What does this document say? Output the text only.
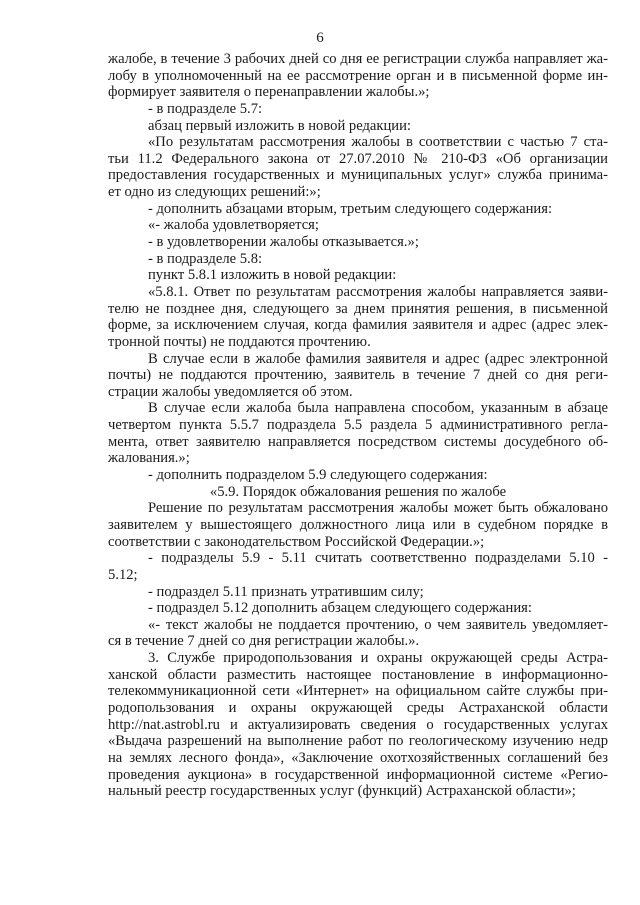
6
жалобе, в течение 3 рабочих дней со дня ее регистрации служба направляет жа-
лобу в уполномоченный на ее рассмотрение орган и в письменной форме ин-
формирует заявителя о перенаправлении жалобы.»;
- в подразделе 5.7:
абзац первый изложить в новой редакции:
«По результатам рассмотрения жалобы в соответствии с частью 7 ста-
тьи 11.2 Федерального закона от 27.07.2010 № 210-ФЗ «Об организации
предоставления государственных и муниципальных услуг» служба принима-
ет одно из следующих решений:»;
- дополнить абзацами вторым, третьим следующего содержания:
«- жалоба удовлетворяется;
- в удовлетворении жалобы отказывается.»;
- в подразделе 5.8:
пункт 5.8.1 изложить в новой редакции:
«5.8.1. Ответ по результатам рассмотрения жалобы направляется заяви-
телю не позднее дня, следующего за днем принятия решения, в письменной
форме, за исключением случая, когда фамилия заявителя и адрес (адрес элек-
тронной почты) не поддаются прочтению.
В случае если в жалобе фамилия заявителя и адрес (адрес электронной
почты) не поддаются прочтению, заявитель в течение 7 дней со дня реги-
страции жалобы уведомляется об этом.
В случае если жалоба была направлена способом, указанным в абзаце
четвертом пункта 5.5.7 подраздела 5.5 раздела 5 административного регла-
мента, ответ заявителю направляется посредством системы досудебного об-
жалования.»;
- дополнить подразделом 5.9 следующего содержания:
«5.9. Порядок обжалования решения по жалобе
Решение по результатам рассмотрения жалобы может быть обжаловано
заявителем у вышестоящего должностного лица или в судебном порядке в
соответствии с законодательством Российской Федерации.»;
- подразделы 5.9 - 5.11 считать соответственно подразделами 5.10 -
5.12;
- подраздел 5.11 признать утратившим силу;
- подраздел 5.12 дополнить абзацем следующего содержания:
«- текст жалобы не поддается прочтению, о чем заявитель уведомляет-
ся в течение 7 дней со дня регистрации жалобы.».
3. Службе природопользования и охраны окружающей среды Астра-
ханской области разместить настоящее постановление в информационно-
телекоммуникационной сети «Интернет» на официальном сайте службы при-
родопользования и охраны окружающей среды Астраханской области
http://nat.astrobl.ru и актуализировать сведения о государственных услугах
«Выдача разрешений на выполнение работ по геологическому изучению недр
на землях лесного фонда», «Заключение охотхозяйственных соглашений без
проведения аукциона» в государственной информационной системе «Регио-
нальный реестр государственных услуг (функций) Астраханской области»;
